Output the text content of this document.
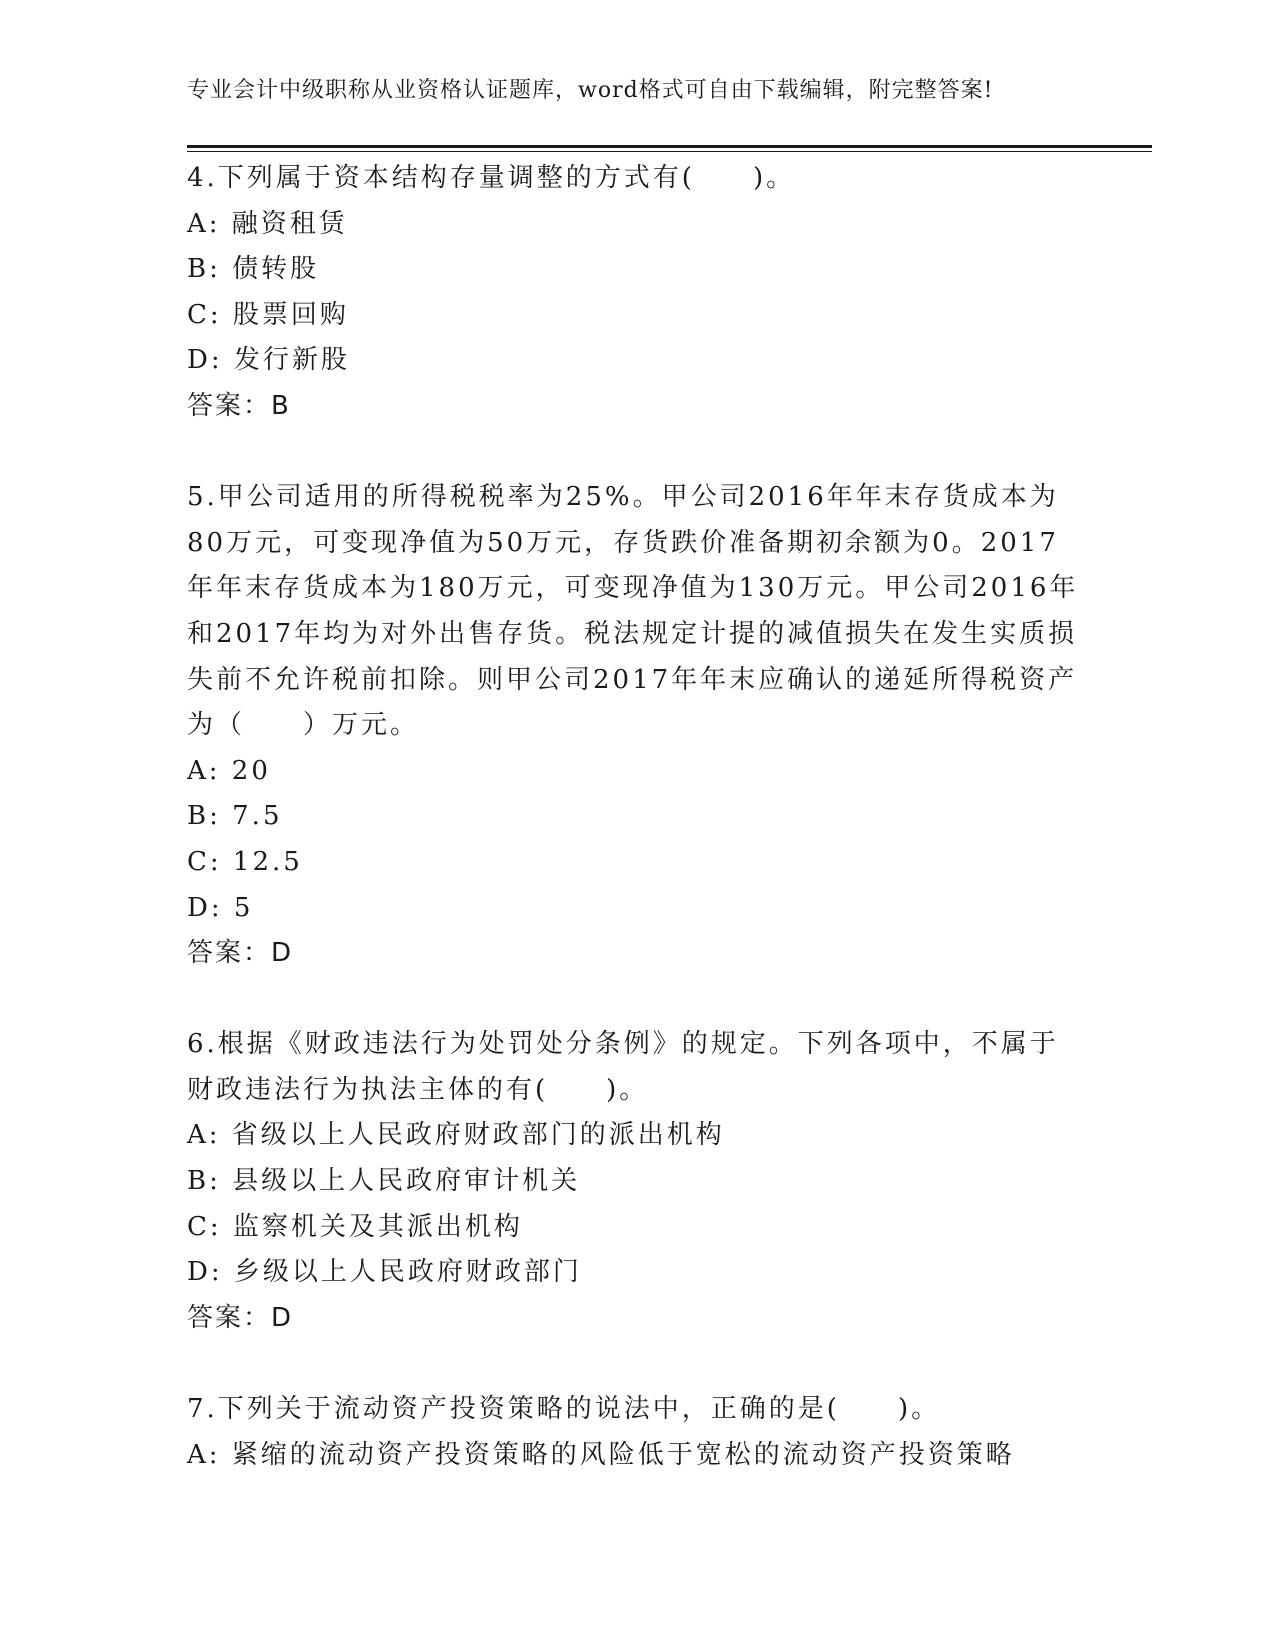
专业会计中级职称从业资格认证题库，word格式可自由下载编辑，附完整答案!
4.下列属于资本结构存量调整的方式有(　　)。
A: 融资租赁
B: 债转股
C: 股票回购
D: 发行新股
答案：B
5.甲公司适用的所得税税率为25%。甲公司2016年年末存货成本为80万元，可变现净值为50万元，存货跌价准备期初余额为0。2017年年末存货成本为180万元，可变现净值为130万元。甲公司2016年和2017年均为对外出售存货。税法规定计提的减值损失在发生实质损失前不允许税前扣除。则甲公司2017年年末应确认的递延所得税资产为（　　）万元。
A: 20
B: 7.5
C: 12.5
D: 5
答案：D
6.根据《财政违法行为处罚处分条例》的规定。下列各项中，不属于财政违法行为执法主体的有(　　)。
A: 省级以上人民政府财政部门的派出机构
B: 县级以上人民政府审计机关
C: 监察机关及其派出机构
D: 乡级以上人民政府财政部门
答案：D
7.下列关于流动资产投资策略的说法中，正确的是(　　)。
A: 紧缩的流动资产投资策略的风险低于宽松的流动资产投资策略
